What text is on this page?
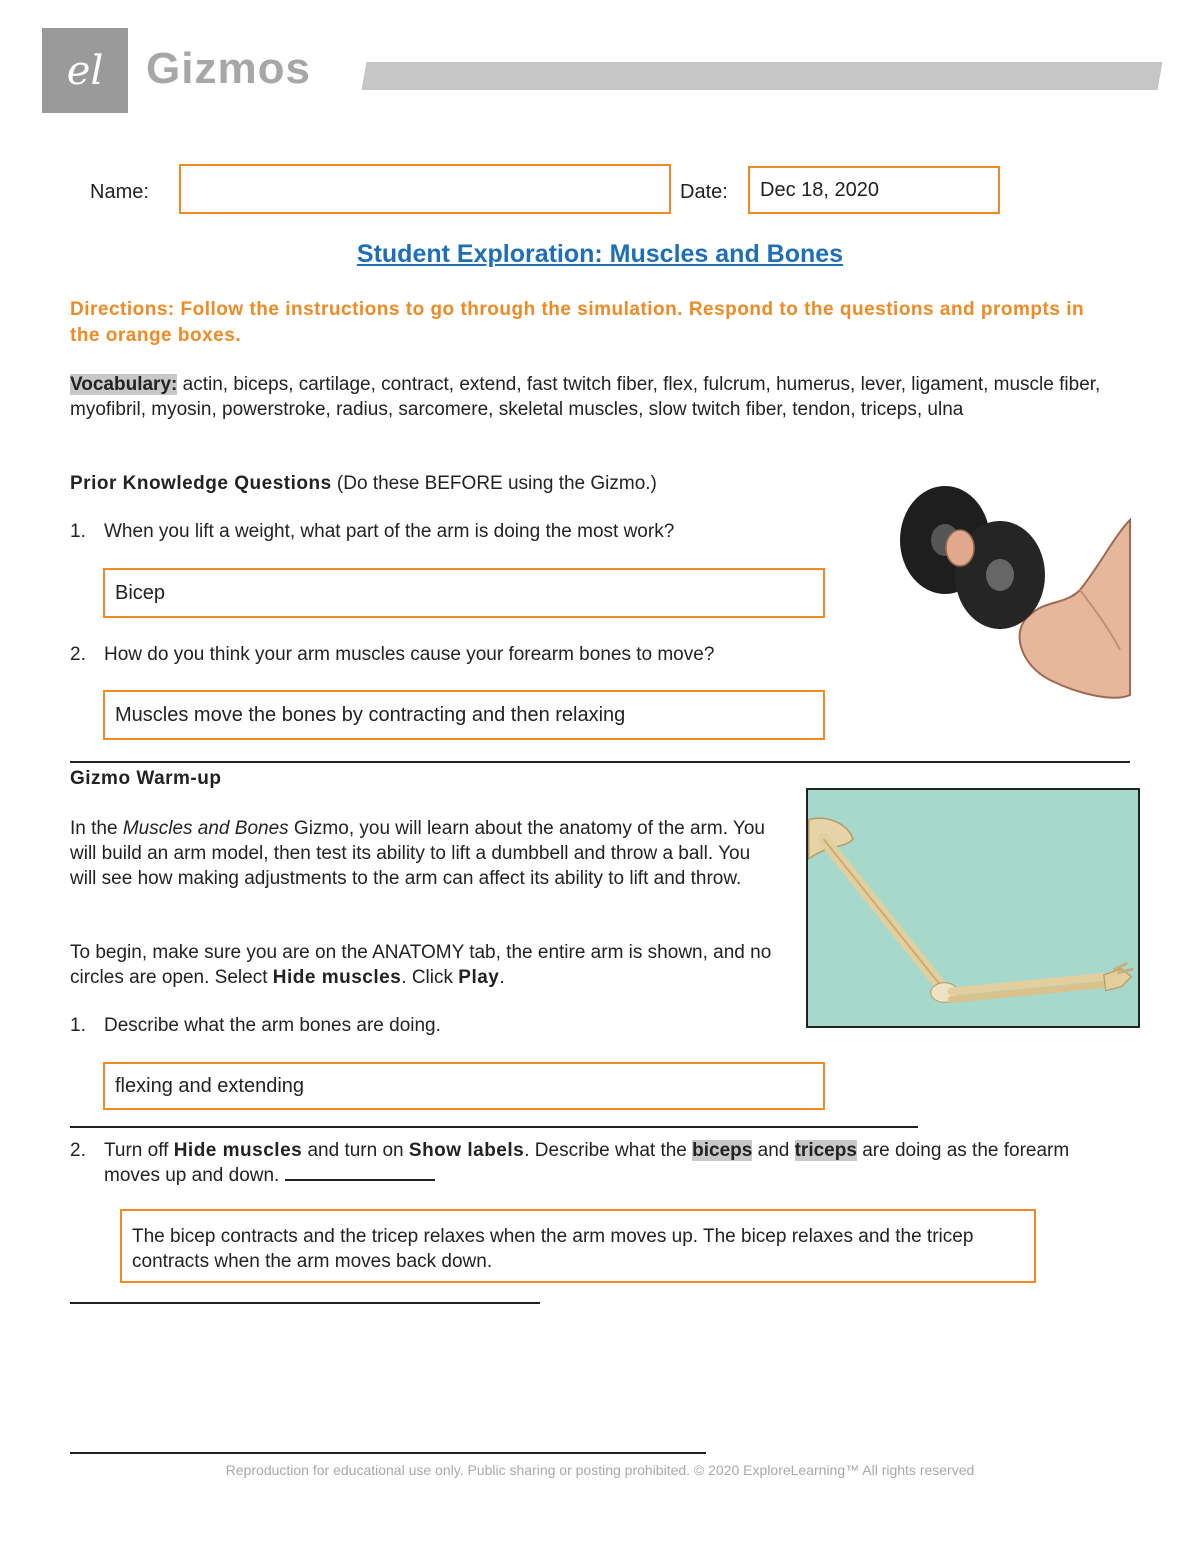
el Gizmos
Name:	Date:	Dec 18, 2020
Student Exploration: Muscles and Bones
Directions: Follow the instructions to go through the simulation. Respond to the questions and prompts in the orange boxes.
Vocabulary: actin, biceps, cartilage, contract, extend, fast twitch fiber, flex, fulcrum, humerus, lever, ligament, muscle fiber, myofibril, myosin, powerstroke, radius, sarcomere, skeletal muscles, slow twitch fiber, tendon, triceps, ulna
Prior Knowledge Questions (Do these BEFORE using the Gizmo.)
1. When you lift a weight, what part of the arm is doing the most work?
Bicep
2. How do you think your arm muscles cause your forearm bones to move?
Muscles move the bones by contracting and then relaxing
Gizmo Warm-up
In the Muscles and Bones Gizmo, you will learn about the anatomy of the arm. You will build an arm model, then test its ability to lift a dumbbell and throw a ball. You will see how making adjustments to the arm can affect its ability to lift and throw.
To begin, make sure you are on the ANATOMY tab, the entire arm is shown, and no circles are open. Select Hide muscles. Click Play.
1. Describe what the arm bones are doing.
flexing and extending
2. Turn off Hide muscles and turn on Show labels. Describe what the biceps and triceps are doing as the forearm moves up and down.
The bicep contracts and the tricep relaxes when the arm moves up. The bicep relaxes and the tricep contracts when the arm moves back down.
Reproduction for educational use only. Public sharing or posting prohibited. © 2020 ExploreLearning™ All rights reserved
